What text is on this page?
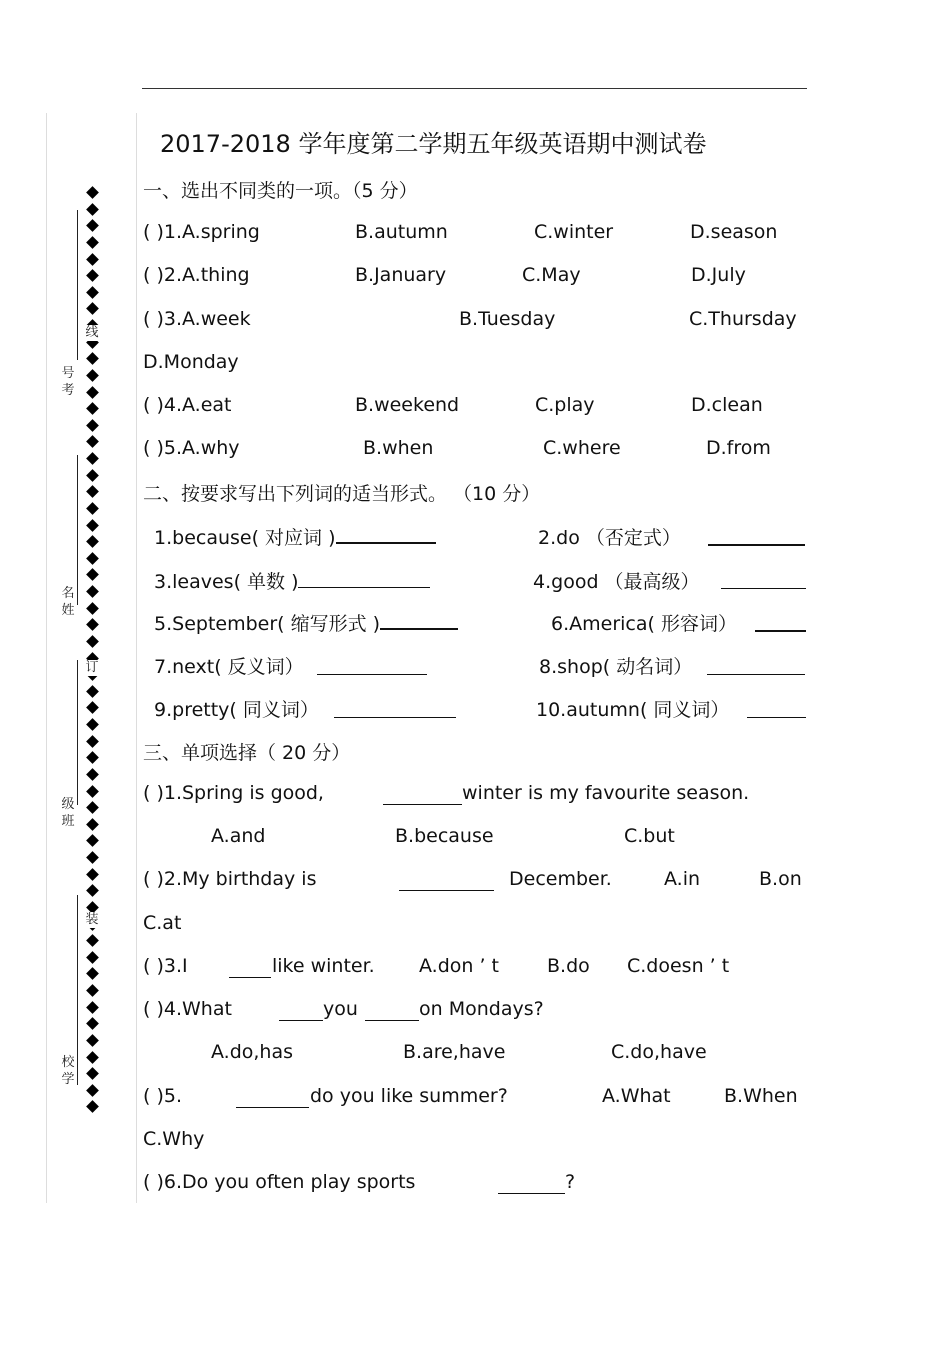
线
订
装
号
考
名
姓
级
班
校
学
2017-2018 学年度第二学期五年级英语期中测试卷
一、选出不同类的一项。（5 分）
( )1.A.spring	B.autumn	C.winter	D.season
( )2.A.thing	B.January	C.May	D.July
( )3.A.week	B.Tuesday	C.Thursday
D.Monday
( )4.A.eat	B.weekend	C.play	D.clean
( )5.A.why	B.when	C.where	D.from
二、按要求写出下列词的适当形式。 （10 分）
1.because( 对应词 )	2.do （否定式）
3.leaves( 单数 )	4.good （最高级）
5.September( 缩写形式 )	6.America( 形容词）
7.next( 反义词）	8.shop( 动名词）
9.pretty( 同义词）	10.autumn( 同义词）
三、单项选择（ 20 分）
( )1.Spring is good,	winter is my favourite season.
A.and	B.because	C.but
( )2.My birthday is	December.	A.in	B.on
C.at
( )3.I	like winter. A.don ’ t	B.do C.doesn ’ t
( )4.What	you	on Mondays?
A.do,has	B.are,have	C.do,have
( )5.	do you like summer?	A.What	B.When
C.Why
( )6.Do you often play sports	?
